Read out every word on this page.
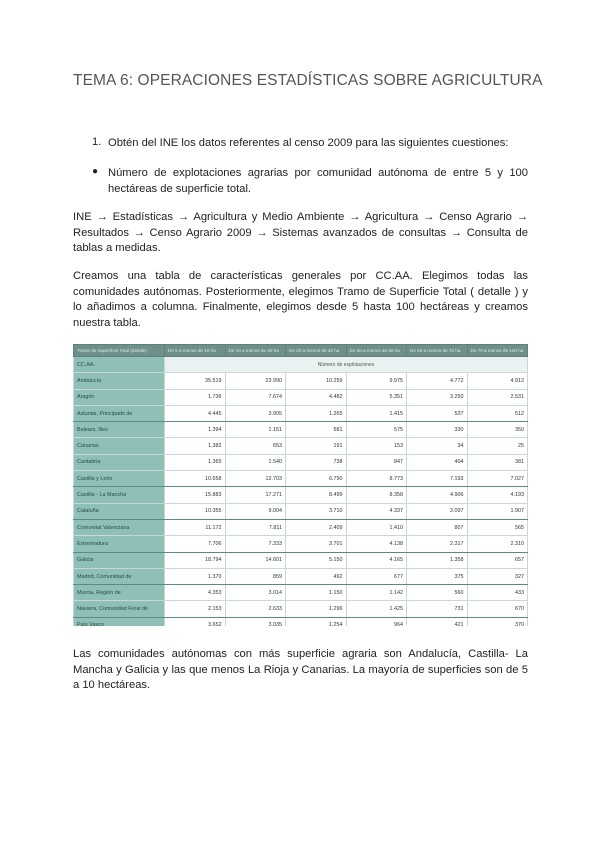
TEMA 6: OPERACIONES ESTADÍSTICAS SOBRE AGRICULTURA
1. Obtén del INE los datos referentes al censo 2009 para las siguientes cuestiones:
● Número de explotaciones agrarias por comunidad autónoma de entre 5 y 100 hectáreas de superficie total.
INE → Estadísticas → Agricultura y Medio Ambiente → Agricultura → Censo Agrario → Resultados → Censo Agrario 2009 → Sistemas avanzados de consultas → Consulta de tablas a medidas.
Creamos una tabla de características generales por CC.AA. Elegimos todas las comunidades autónomas. Posteriormente, elegimos Tramo de Superficie Total ( detalle ) y lo añadimos a columna. Finalmente, elegimos desde 5 hasta 100 hectáreas y creamos nuestra tabla.
Tramo de Superficie Total (detalle)	De 5 a menos de 10 ha	De 10 a menos de 20 ha	De 20 a menos de 30 ha	De 30 a menos de 50 ha	De 50 a menos de 70 ha	De 70 a menos de 100 ha
CC.AA.	Número de explotaciones					
Andalucía	35.519	23.990	10.259	9.975	4.772	4.912
Aragón	1.736	7.674	4.482	5.351	3.250	2.531
Asturias, Principado de	4.445	3.905	1.265	1.415	537	512
Balears, Illes	1.394	1.151	581	575	330	350
Canarias	1.382	653	191	153	34	25
Cantabria	1.365	1.540	738	847	404	381
Castilla y León	10.658	12.703	6.790	8.773	7.193	7.027
Castilla - La Mancha	15.883	17.271	8.499	8.358	4.906	4.193
Cataluña	10.355	9.004	3.710	4.337	2.097	1.907
Comunitat Valenciana	11.172	7.811	2.409	1.410	807	565
Extremadura	7.706	7.333	3.701	4.138	2.317	2.310
Galicia	18.794	14.601	5.150	4.165	1.358	657
Madrid, Comunidad de	1.370	859	492	677	375	327
Murcia, Región de	4.353	3.014	1.150	1.142	560	433
Navarra, Comunidad Foral de	2.153	2.633	1.296	1.425	731	670
País Vasco	3.652	3.035	1.254	964	421	370

Las comunidades autónomas con más superficie agraria son Andalucía, Castilla- La Mancha y Galicia y las que menos La Rioja y Canarias. La mayoría de superficies son de 5 a 10 hectáreas.
